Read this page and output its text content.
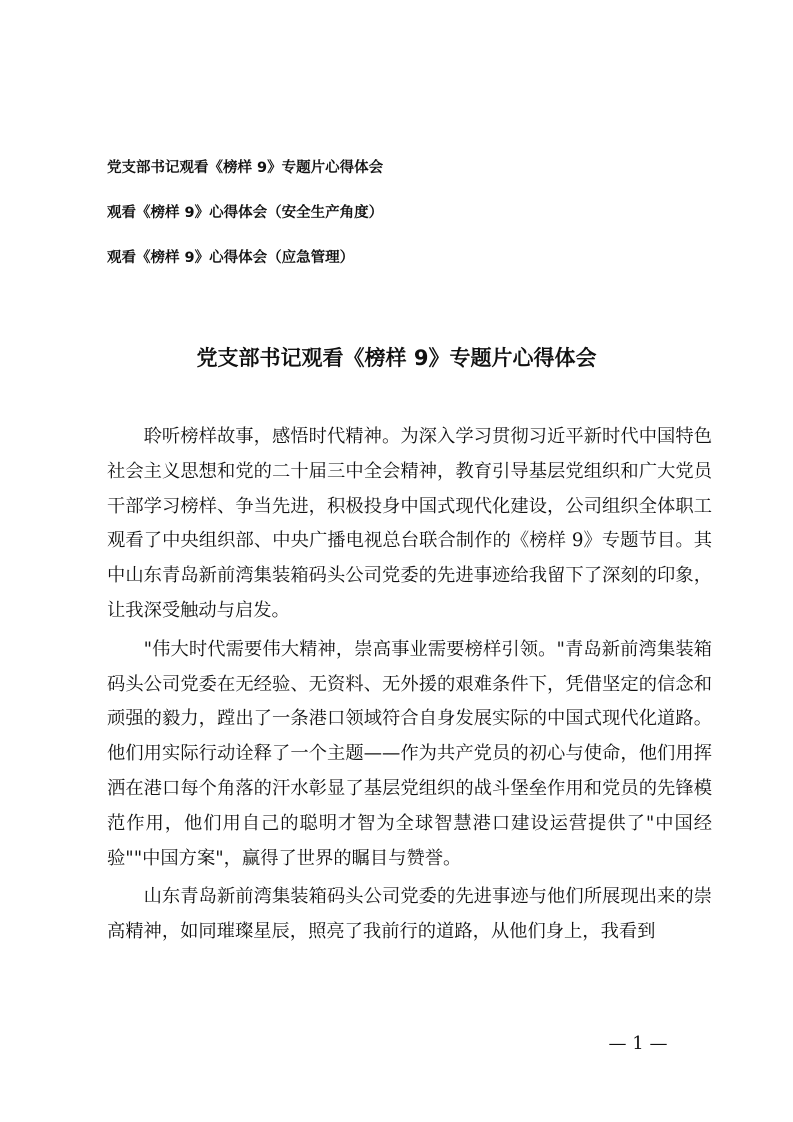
党支部书记观看《榜样 9》专题片心得体会
观看《榜样 9》心得体会（安全生产角度）
观看《榜样 9》心得体会（应急管理）
党支部书记观看《榜样 9》专题片心得体会

聆听榜样故事，感悟时代精神。为深入学习贯彻习近平新时代中国特色社会主义思想和党的二十届三中全会精神，教育引导基层党组织和广大党员干部学习榜样、争当先进，积极投身中国式现代化建设，公司组织全体职工观看了中央组织部、中央广播电视总台联合制作的《榜样 9》专题节目。其中山东青岛新前湾集装箱码头公司党委的先进事迹给我留下了深刻的印象，让我深受触动与启发。

"伟大时代需要伟大精神，崇高事业需要榜样引领。"青岛新前湾集装箱码头公司党委在无经验、无资料、无外援的艰难条件下，凭借坚定的信念和顽强的毅力，蹚出了一条港口领域符合自身发展实际的中国式现代化道路。他们用实际行动诠释了一个主题——作为共产党员的初心与使命，他们用挥洒在港口每个角落的汗水彰显了基层党组织的战斗堡垒作用和党员的先锋模范作用，他们用自己的聪明才智为全球智慧港口建设运营提供了"中国经验""中国方案"，赢得了世界的瞩目与赞誉。

山东青岛新前湾集装箱码头公司党委的先进事迹与他们所展现出来的崇高精神，如同璀璨星辰，照亮了我前行的道路，从他们身上，我看到

— 1 —
